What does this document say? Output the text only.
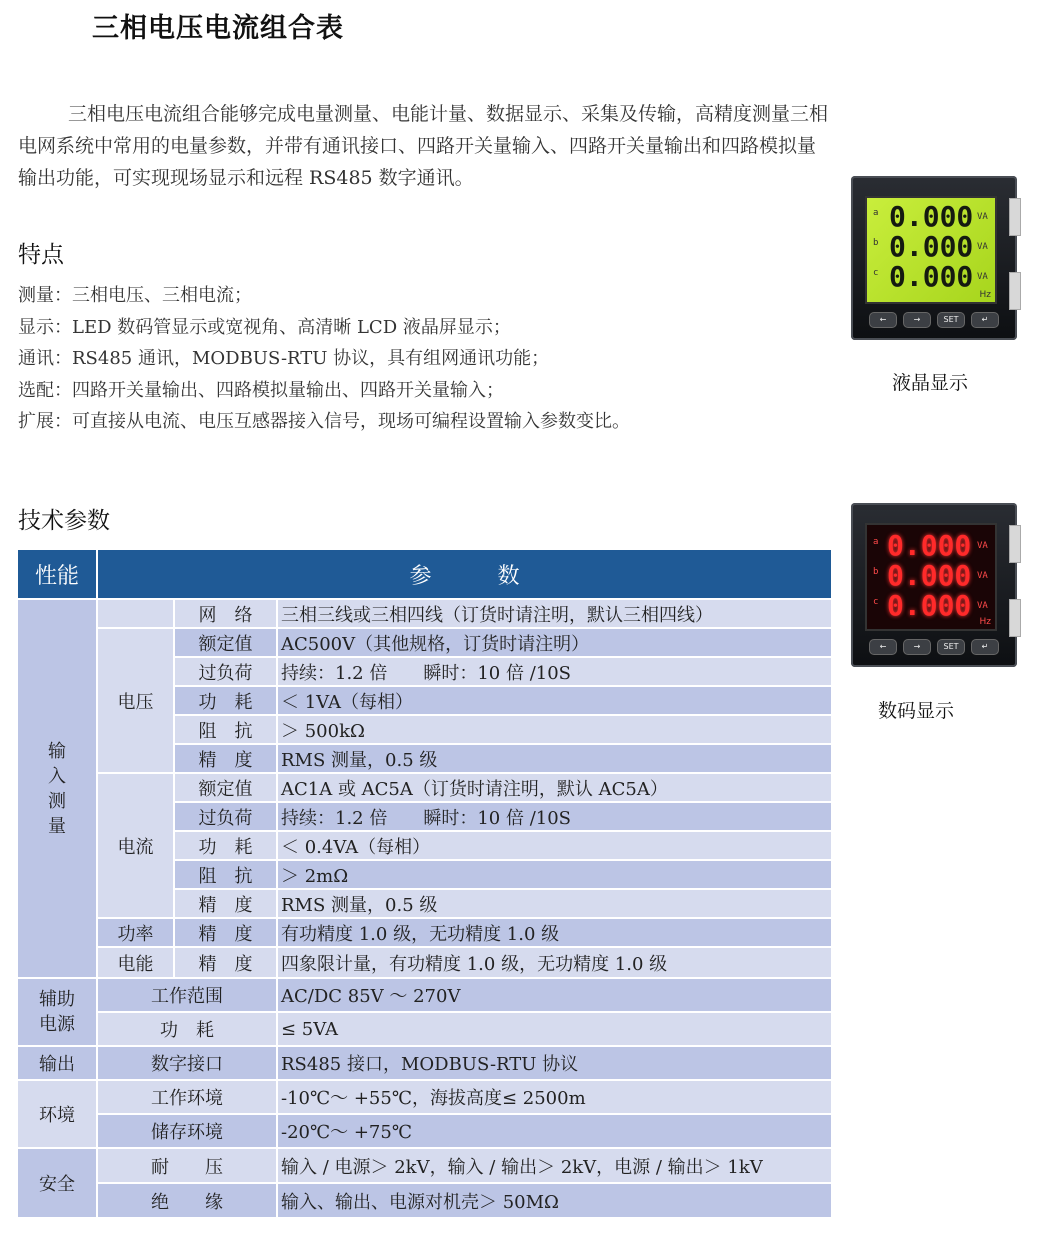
三相电压电流组合表
三相电压电流组合能够完成电量测量、电能计量、数据显示、采集及传输，高精度测量三相电网系统中常用的电量参数，并带有通讯接口、四路开关量输入、四路开关量输出和四路模拟量输出功能，可实现现场显示和远程 RS485 数字通讯。
特点
测量：三相电压、三相电流；
显示：LED 数码管显示或宽视角、高清晰 LCD 液晶屏显示；
通讯：RS485 通讯，MODBUS-RTU 协议，具有组网通讯功能；
选配：四路开关量输出、四路模拟量输出、四路开关量输入；
扩展：可直接从电流、电压互感器接入信号，现场可编程设置输入参数变比。
技术参数
a 0.000 VA
b 0.000 VA
c 0.000 VA
Hz
←	→	SET	↵
液晶显示
a 0.000 VA
b 0.000 VA
c 0.000 VA
Hz
←	→	SET	↵
数码显示
性能	参　　　数
输
入
测
量
网　络	三相三线或三相四线（订货时请注明，默认三相四线）
电压
额定值	AC500V（其他规格，订货时请注明）
过负荷	持续：1.2 倍　　瞬时：10 倍 /10S
功　耗	＜ 1VA（每相）
阻　抗	＞ 500kΩ
精　度	RMS 测量，0.5 级
电流
额定值	AC1A 或 AC5A（订货时请注明，默认 AC5A）
过负荷	持续：1.2 倍　　瞬时：10 倍 /10S
功　耗	＜ 0.4VA（每相）
阻　抗	＞ 2mΩ
精　度	RMS 测量，0.5 级
功率	精　度	有功精度 1.0 级，无功精度 1.0 级
电能	精　度	四象限计量，有功精度 1.0 级，无功精度 1.0 级
辅助
电源
工作范围	AC/DC 85V ～ 270V
功　耗	≤ 5VA
输出	数字接口	RS485 接口，MODBUS-RTU 协议
环境
工作环境	-10℃～ +55℃，海拔高度≤ 2500m
储存环境	-20℃～ +75℃
安全
耐　　压	输入 / 电源＞ 2kV，输入 / 输出＞ 2kV，电源 / 输出＞ 1kV
绝　　缘	输入、输出、电源对机壳＞ 50MΩ
